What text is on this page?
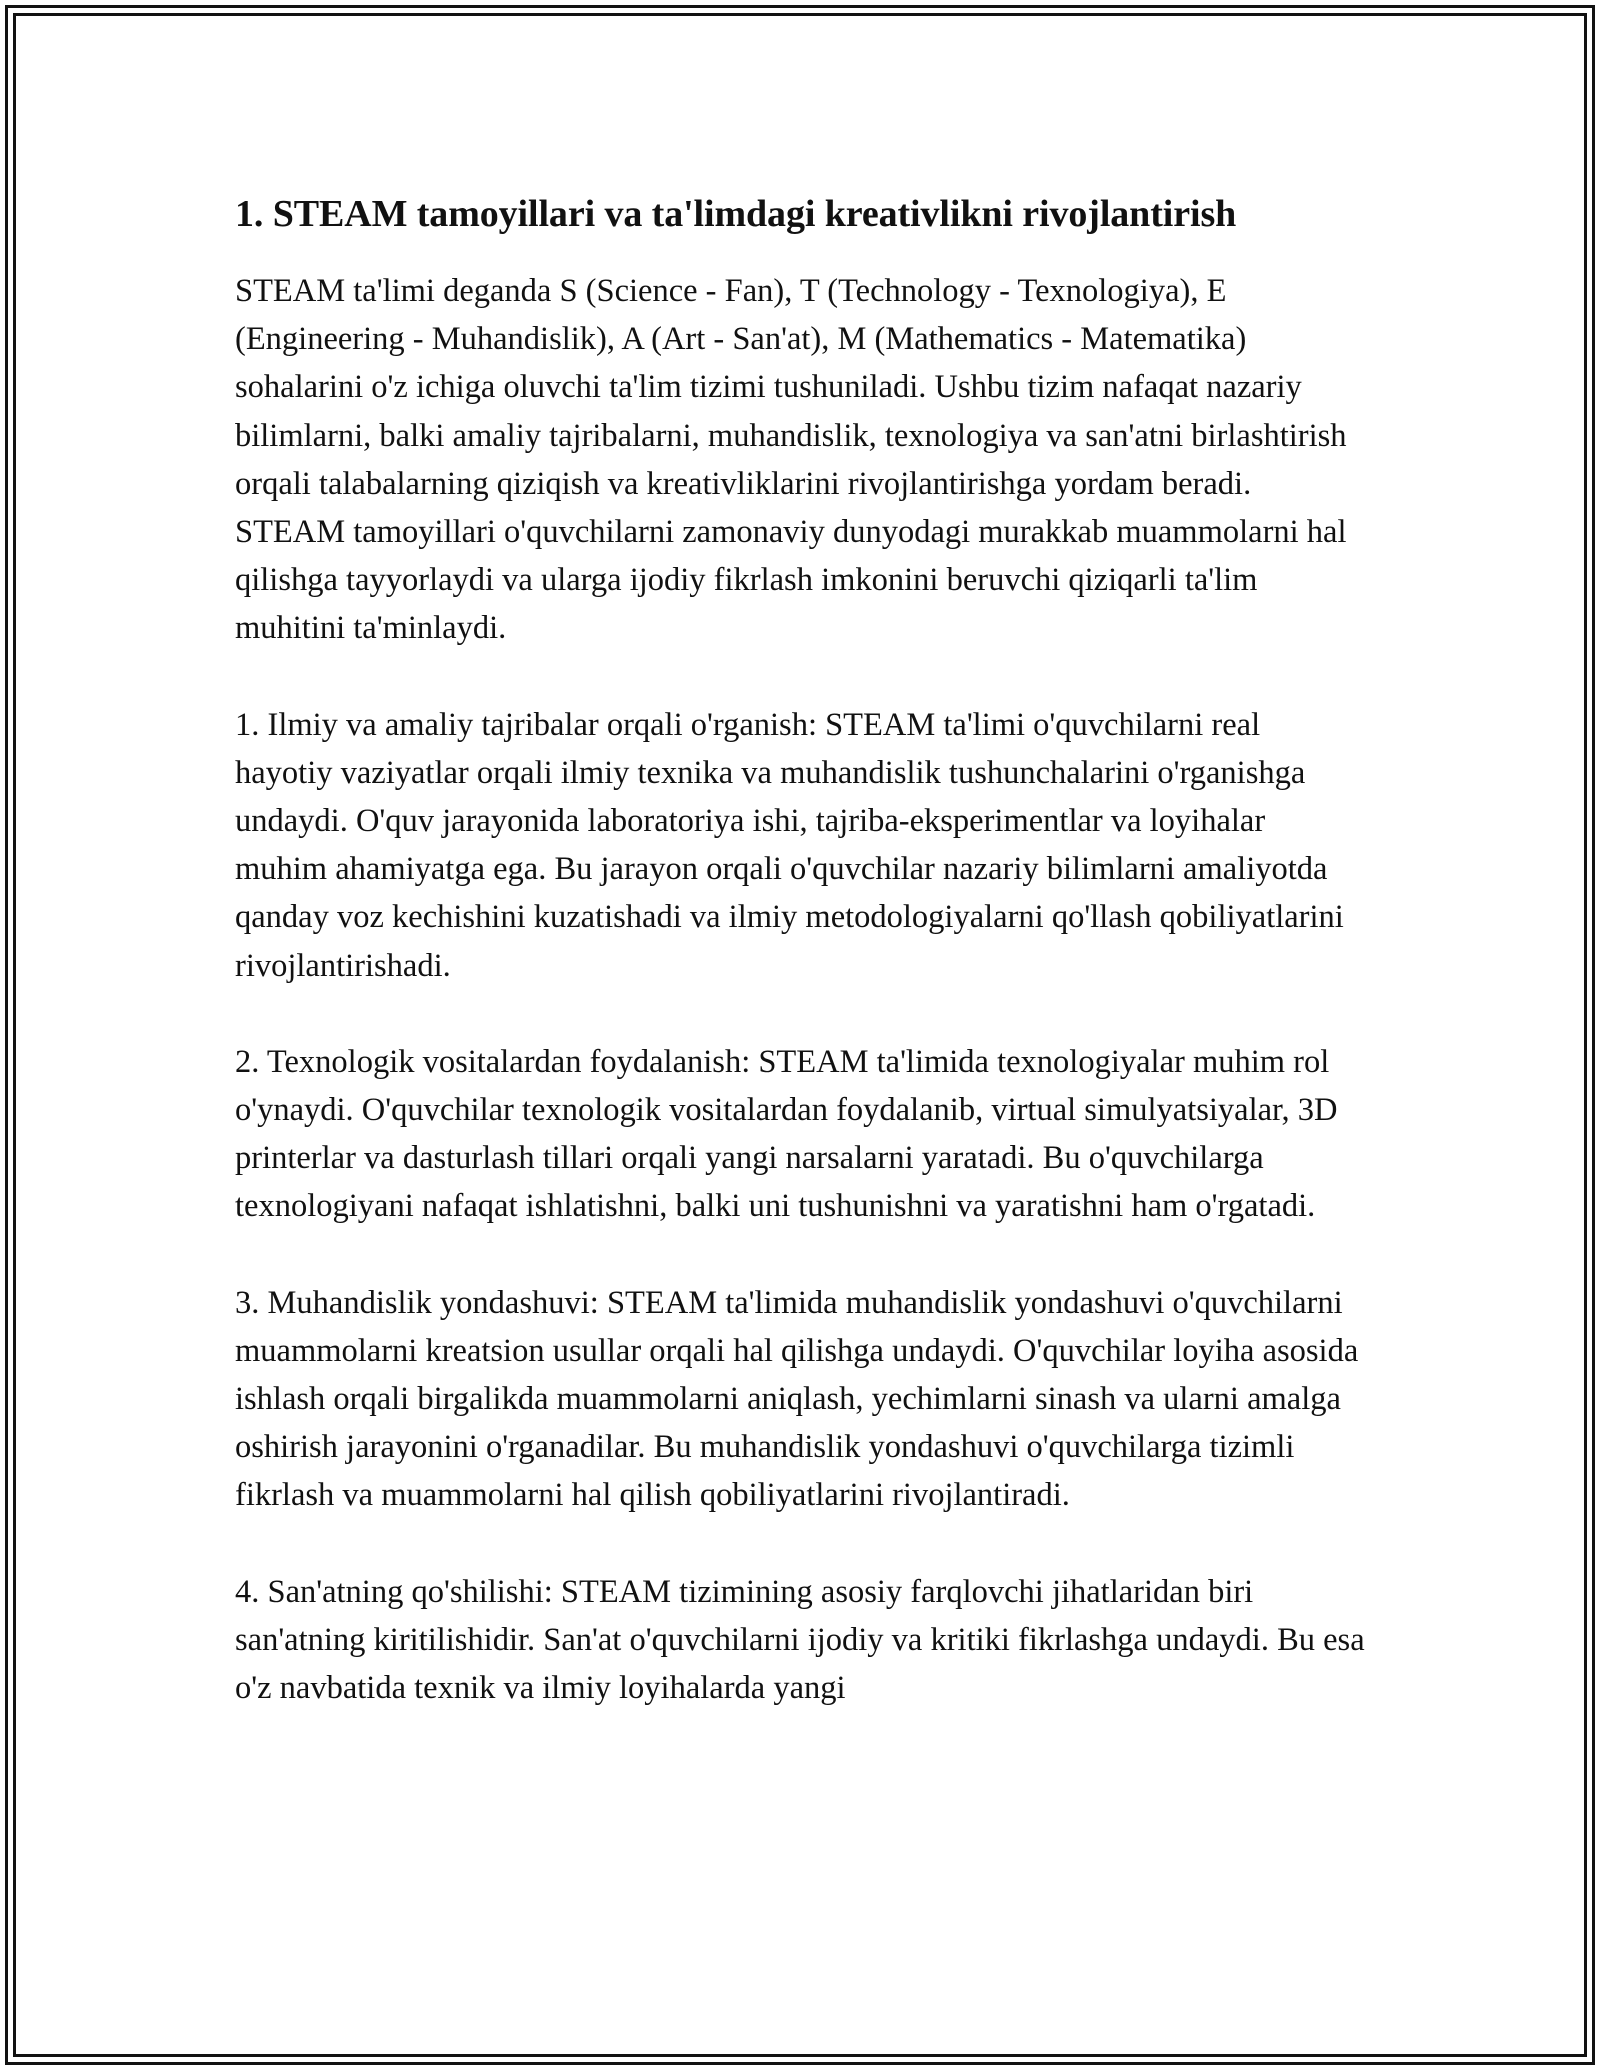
1. STEAM tamoyillari va ta'limdagi kreativlikni rivojlantirish

STEAM ta'limi deganda S (Science - Fan), T (Technology - Texnologiya), E (Engineering - Muhandislik), A (Art - San'at), M (Mathematics - Matematika) sohalarini o'z ichiga oluvchi ta'lim tizimi tushuniladi. Ushbu tizim nafaqat nazariy bilimlarni, balki amaliy tajribalarni, muhandislik, texnologiya va san'atni birlashtirish orqali talabalarning qiziqish va kreativliklarini rivojlantirishga yordam beradi. STEAM tamoyillari o'quvchilarni zamonaviy dunyodagi murakkab muammolarni hal qilishga tayyorlaydi va ularga ijodiy fikrlash imkonini beruvchi qiziqarli ta'lim muhitini ta'minlaydi.

1. Ilmiy va amaliy tajribalar orqali o'rganish: STEAM ta'limi o'quvchilarni real hayotiy vaziyatlar orqali ilmiy texnika va muhandislik tushunchalarini o'rganishga undaydi. O'quv jarayonida laboratoriya ishi, tajriba-eksperimentlar va loyihalar muhim ahamiyatga ega. Bu jarayon orqali o'quvchilar nazariy bilimlarni amaliyotda qanday voz kechishini kuzatishadi va ilmiy metodologiyalarni qo'llash qobiliyatlarini rivojlantirishadi.

2. Texnologik vositalardan foydalanish: STEAM ta'limida texnologiyalar muhim rol o'ynaydi. O'quvchilar texnologik vositalardan foydalanib, virtual simulyatsiyalar, 3D printerlar va dasturlash tillari orqali yangi narsalarni yaratadi. Bu o'quvchilarga texnologiyani nafaqat ishlatishni, balki uni tushunishni va yaratishni ham o'rgatadi.

3. Muhandislik yondashuvi: STEAM ta'limida muhandislik yondashuvi o'quvchilarni muammolarni kreatsion usullar orqali hal qilishga undaydi. O'quvchilar loyiha asosida ishlash orqali birgalikda muammolarni aniqlash, yechimlarni sinash va ularni amalga oshirish jarayonini o'rganadilar. Bu muhandislik yondashuvi o'quvchilarga tizimli fikrlash va muammolarni hal qilish qobiliyatlarini rivojlantiradi.

4. San'atning qo'shilishi: STEAM tizimining asosiy farqlovchi jihatlaridan biri san'atning kiritilishidir. San'at o'quvchilarni ijodiy va kritiki fikrlashga undaydi. Bu esa o'z navbatida texnik va ilmiy loyihalarda yangi
